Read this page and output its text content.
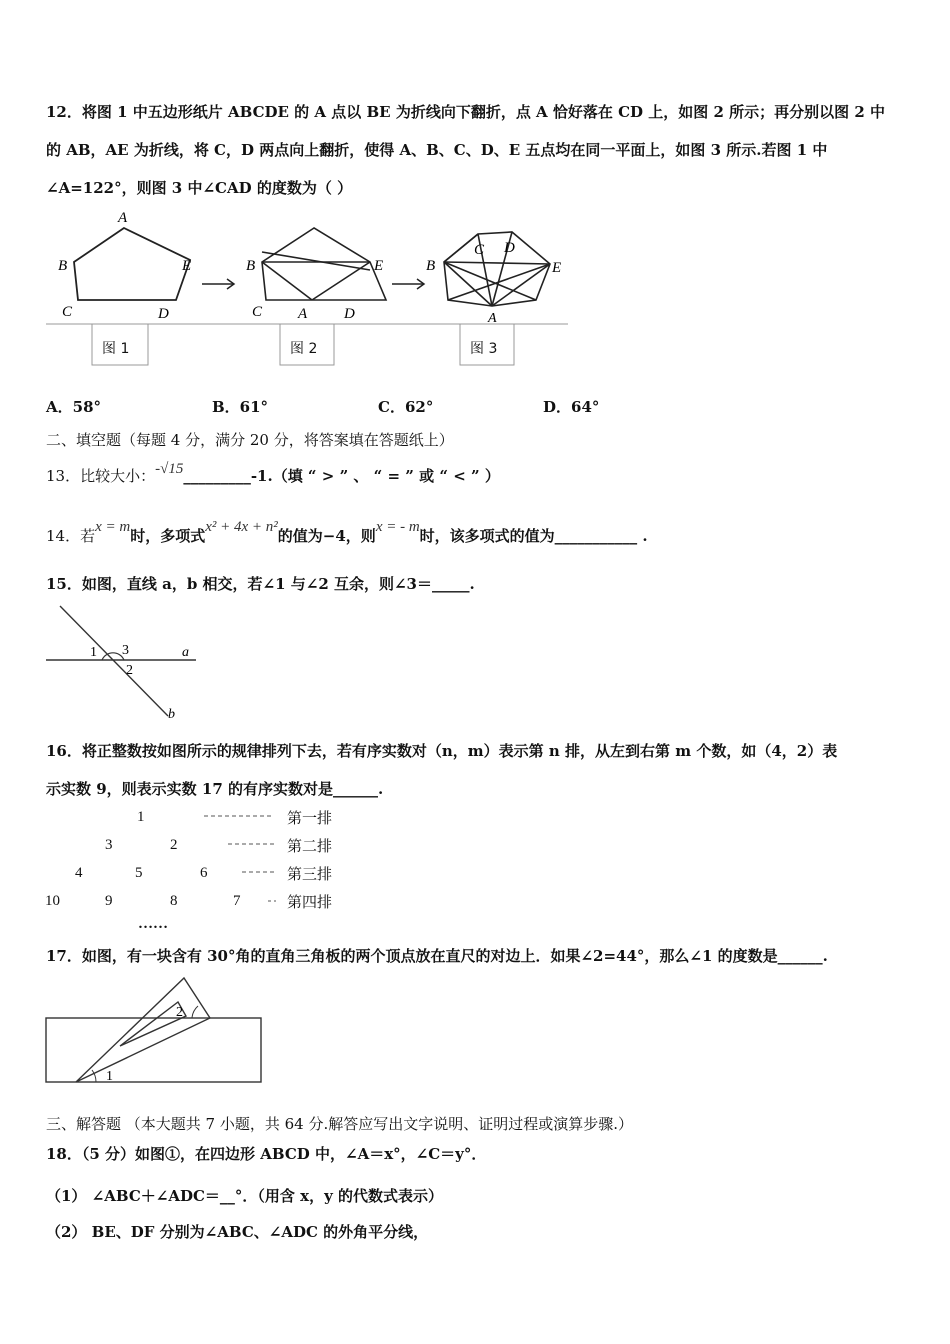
12．将图 1 中五边形纸片 ABCDE 的 A 点以 BE 为折线向下翻折，点 A 恰好落在 CD 上，如图 2 所示；再分别以图 2 中
的 AB，AE 为折线，将 C，D 两点向上翻折，使得 A、B、C、D、E 五点均在同一平面上，如图 3 所示.若图 1 中
∠A=122°，则图 3 中∠CAD 的度数为（ ）
A
B	E
C	D
B	E
C A D
C D
B	E
A
图 1	图 2	图 3
A．58°	B．61°	C．62°	D．64°
二、填空题（每题 4 分，满分 20 分，将答案填在答题纸上）
13．比较大小：-√15_________-1.（填 “ > ” 、 “ = ” 或 “ < ” ）
14．若x = m时，多项式x² + 4x + n²的值为−4，则x = - m时，该多项式的值为___________ .
15．如图，直线 a，b 相交，若∠1 与∠2 互余，则∠3＝_____.
1 3
2
a
b
16．将正整数按如图所示的规律排列下去，若有序实数对（n，m）表示第 n 排，从左到右第 m 个数，如（4，2）表
示实数 9，则表示实数 17 的有序实数对是______.
1
3	2
4	5	6
10	9	8	7
……
第一排
第二排
第三排
第四排
17．如图，有一块含有 30°角的直角三角板的两个顶点放在直尺的对边上．如果∠2=44°，那么∠1 的度数是______.
2
1
三、解答题 （本大题共 7 小题，共 64 分.解答应写出文字说明、证明过程或演算步骤.）
18．（5 分）如图①，在四边形 ABCD 中，∠A＝x°，∠C＝y°．
（1） ∠ABC＋∠ADC＝__°．（用含 x，y 的代数式表示）
（2） BE、DF 分别为∠ABC、∠ADC 的外角平分线，
